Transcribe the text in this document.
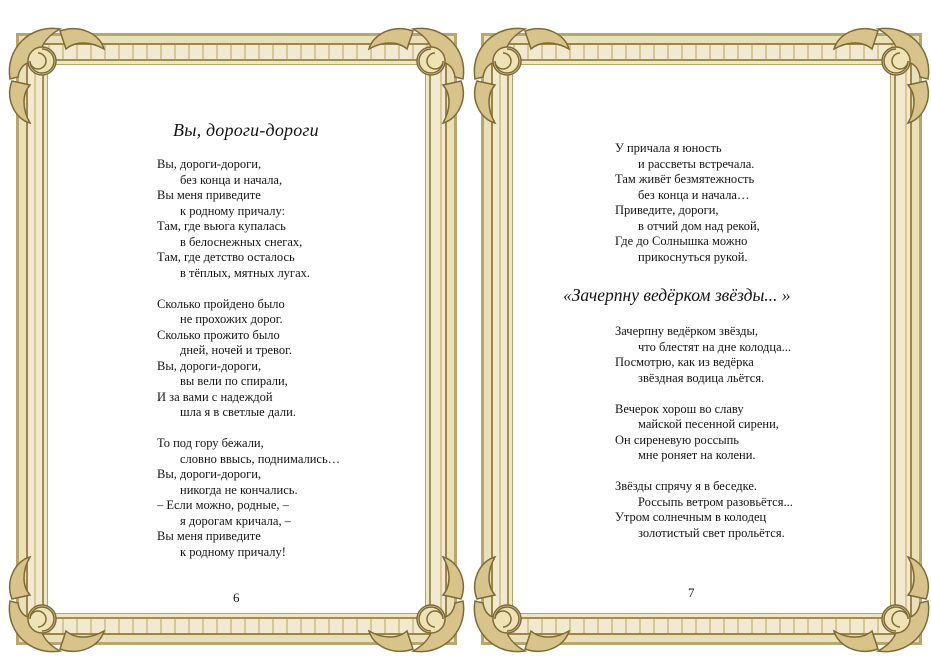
Вы, дороги-дороги
Вы, дороги-дороги,
без конца и начала,
Вы меня приведите
к родному причалу:
Там, где вьюга купалась
в белоснежных снегах,
Там, где детство осталось
в тёплых, мятных лугах.
Сколько пройдено было
не прохожих дорог.
Сколько прожито было
дней, ночей и тревог.
Вы, дороги-дороги,
вы вели по спирали,
И за вами с надеждой
шла я в светлые дали.
То под гору бежали,
словно ввысь, поднимались…
Вы, дороги-дороги,
никогда не кончались.
– Если можно, родные, –
я дорогам кричала, –
Вы меня приведите
к родному причалу!
6
У причала я юность
и рассветы встречала.
Там живёт безмятежность
без конца и начала…
Приведите, дороги,
в отчий дом над рекой,
Где до Солнышка можно
прикоснуться рукой.
«Зачерпну ведёрком звёзды... »
Зачерпну ведёрком звёзды,
что блестят на дне колодца...
Посмотрю, как из ведёрка
звёздная водица льётся.
Вечерок хорош во славу
майской песенной сирени,
Он сиреневую россыпь
мне роняет на колени.
Звёзды спрячу я в беседке.
Россыпь ветром разовьётся...
Утром солнечным в колодец
золотистый свет прольётся.
7
